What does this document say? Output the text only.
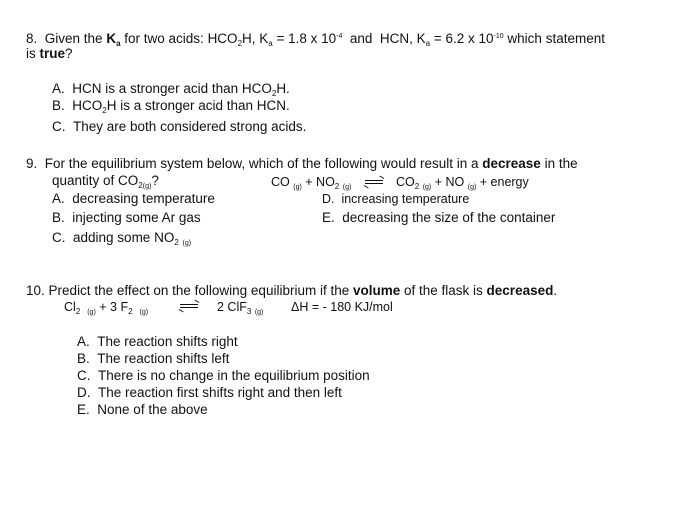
8. Given the $K_a$ for two acids: $HCO_2H$, $K_a = 1.8$ x $10^{-4}$  and  HCN, $K_a = 6.2$ x $10^{-10}$ which statement
is true?
A. HCN is a stronger acid than $HCO_2H$.
B. $HCO_2H$ is a stronger acid than HCN.
C. They are both considered strong acids.
9. For the equilibrium system below, which of the following would result in a decrease in the
quantity of $CO_{2(g)}$?	CO $_{(g)} + NO_2$ $_{(g)}$ ⇌ $CO_2$ $_{(g)}$ + NO $_{(g)}$ + energy
A. decreasing temperature
B. injecting some Ar gas
C. adding some $NO_2$ $_{(g)}$
D. increasing temperature
E. decreasing the size of the container
10. Predict the effect on the following equilibrium if the volume of the flask is decreased.
$Cl_2$ $_{(g)}$ + 3 $F_2$ $_{(g)}$ ⇌ 2 ClF$_3$ $_{(g)}$ ΔH = - 180 KJ/mol
A. The reaction shifts right
B. The reaction shifts left
C. There is no change in the equilibrium position
D. The reaction first shifts right and then left
E. None of the above
